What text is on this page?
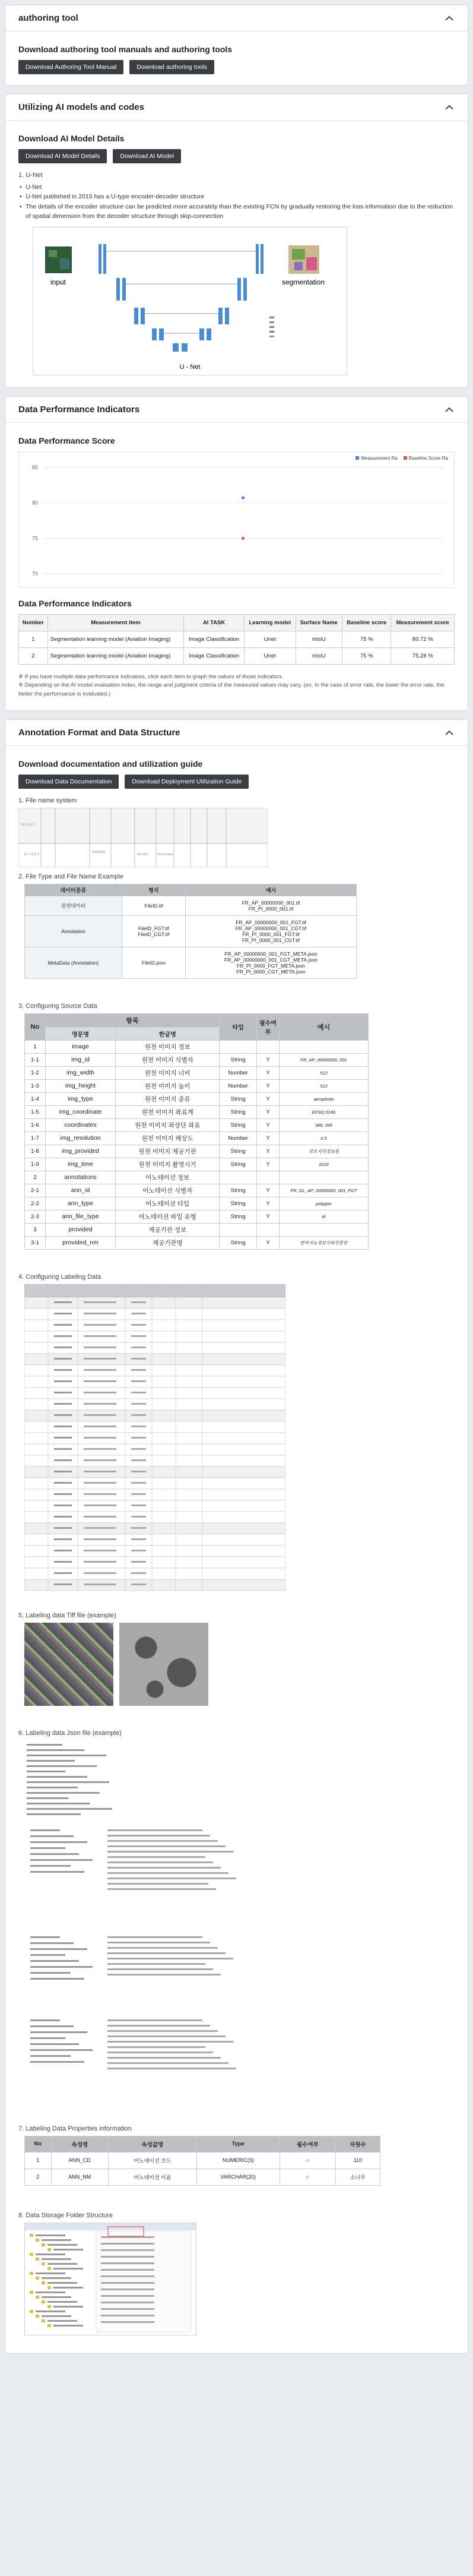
authoring tool
Download authoring tool manuals and authoring tools
Download Authoring Tool Manual	Download authoring tools
Utilizing AI models and codes
Download AI Model Details
Download AI Model Details	Download AI Model
1. U-Net
• U-Net
• U-Net published in 2015 has a U-type encoder-decoder structure
• The details of the encoder structure can be predicted more accurately than the existing FCN by gradually restoring the loss information due to the reduction of spatial dimension from the decoder structure through skip-connection
input	segmentation
U - Net
Data Performance Indicators
Data Performance Score
Measurement Ra	Baseline Score Ra
70
75
80
85
Data Performance Indicators
Number	Measurement item	AI TASK	Learning model	Surface Name	Baseline score	Measurement score
1	Segmentation learning model (Aviation Imaging)	Image Classification	Unet	mIoU	75 %	80.72 %
2	Segmentation learning model (Aviation Imaging)	Image Classification	Unet	mIoU	75 %	75.28 %

※ If you have multiple data performance indicators, click each item to graph the values of those indicators.

※ Depending on the AI model evaluation index, the range and judgment criteria of the measured values may vary. (ex. In the case of error rate, the lower the error rate, the better the performance is evaluated.)

Annotation Format and Data Structure
Download documentation and utilization guide
Download Data Documentation	Download Deployment Utilization Guide
1. File name system
데이터종류
AI 수종분석
00000000
001,002	Fine/Coarse
2. File Type and File Name Example
데이터종류	형식	예시
원천데이터	FileID.tif	FR_AP_00000000_001.tif
FR_PI_0000_001.tif
Annotation	FileID_FGT.tif
FileID_CGT.tif	FR_AP_00000000_001_FGT.tif
FR_AP_00000000_001_CGT.tif
FR_PI_0000_001_FGT.tif
FR_PI_0000_001_CGT.tif
MetaData (Annotation)	FileID.json	FR_AP_00000000_001_FGT_META.json
FR_AP_00000000_001_CGT_META.json
FR_PI_0000_FGT_META.json
FR_PI_0000_CGT_META.json
3. Configuring Source Data
No	항목		타입	필수여부	예시
	영문명	한글명			
1	image	원천 이미지 정보			
1-1	img_id	원천 이미지 식별자	String	Y	FR_AP_00000000_001
1-2	img_width	원천 이미지 너비	Number	Y	512
1-3	img_height	원천 이미지 높이	Number	Y	512
1-4	img_type	원천 이미지 종류	String	Y	aerophoto
1-5	img_coordinate	원천 이미지 좌표계	String	Y	EPSG:5186
1-6	coordinates	원천 이미지 좌상단 좌표	String	Y	388, 395
1-7	img_resolution	원천 이미지 해상도	Number	Y	0.5
1-8	img_provided	원천 이미지 제공기관	String	Y	국토지리정보원
1-9	img_time	원천 이미지 촬영시기	String	Y	2019
2	annotations	어노테이션 정보			
2-1	ann_id	어노테이션 식별자	String	Y	FR_GL_AP_00000000_001_FGT
2-2	ann_type	어노테이션 타입	String	Y	polygon
2-3	ann_file_type	어노테이션 파일 유형	String	Y	tif
3	provided	제공기관 정보			
3-1	provided_nm	제공기관명	String	Y	한국지능정보사회진흥원
4. Configuring Labeling Data
5. Labeling data Tiff file (example)
6. Labeling data Json file (example)
7. Labeling Data Properties information
No	속성명	속성값명	Type	필수여부	자릿수
1	ANN_CD	어노테이션 코드	NUMERIC(3)	○	110
2	ANN_NM	어노테이션 이름	VARCHAR(20)	○	소나무
8. Data Storage Folder Structure
